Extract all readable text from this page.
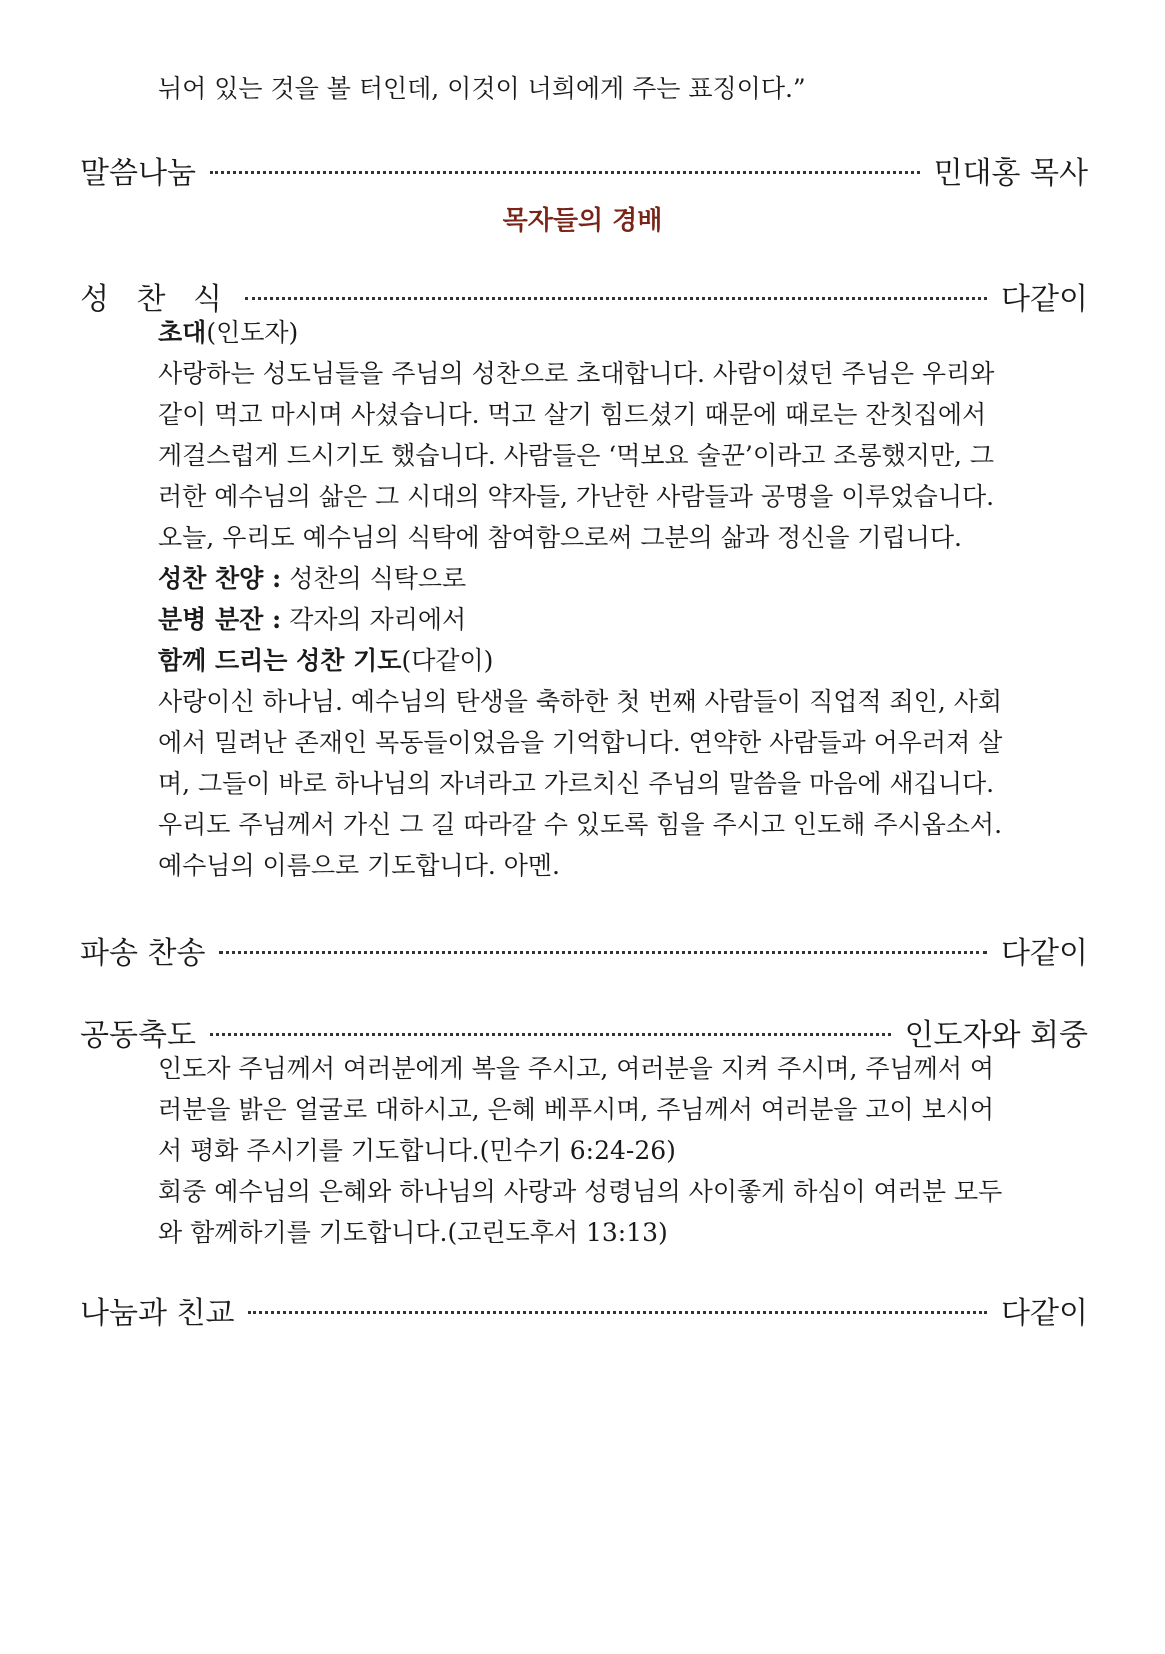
뉘어 있는 것을 볼 터인데, 이것이 너희에게 주는 표징이다.”
말씀나눔	민대홍 목사
목자들의 경배
성 찬 식	다같이
초대(인도자)
사랑하는 성도님들을 주님의 성찬으로 초대합니다. 사람이셨던 주님은 우리와
같이 먹고 마시며 사셨습니다. 먹고 살기 힘드셨기 때문에 때로는 잔칫집에서
게걸스럽게 드시기도 했습니다. 사람들은 ‘먹보요 술꾼’이라고 조롱했지만, 그
러한 예수님의 삶은 그 시대의 약자들, 가난한 사람들과 공명을 이루었습니다.
오늘, 우리도 예수님의 식탁에 참여함으로써 그분의 삶과 정신을 기립니다.
성찬 찬양 : 성찬의 식탁으로
분병 분잔 : 각자의 자리에서
함께 드리는 성찬 기도(다같이)
사랑이신 하나님. 예수님의 탄생을 축하한 첫 번째 사람들이 직업적 죄인, 사회
에서 밀려난 존재인 목동들이었음을 기억합니다. 연약한 사람들과 어우러져 살
며, 그들이 바로 하나님의 자녀라고 가르치신 주님의 말씀을 마음에 새깁니다.
우리도 주님께서 가신 그 길 따라갈 수 있도록 힘을 주시고 인도해 주시옵소서.
예수님의 이름으로 기도합니다. 아멘.
파송 찬송	다같이
공동축도	인도자와 회중
인도자 주님께서 여러분에게 복을 주시고, 여러분을 지켜 주시며, 주님께서 여
러분을 밝은 얼굴로 대하시고, 은혜 베푸시며, 주님께서 여러분을 고이 보시어
서 평화 주시기를 기도합니다.(민수기 6:24-26)
회중 예수님의 은혜와 하나님의 사랑과 성령님의 사이좋게 하심이 여러분 모두
와 함께하기를 기도합니다.(고린도후서 13:13)
나눔과 친교	다같이
